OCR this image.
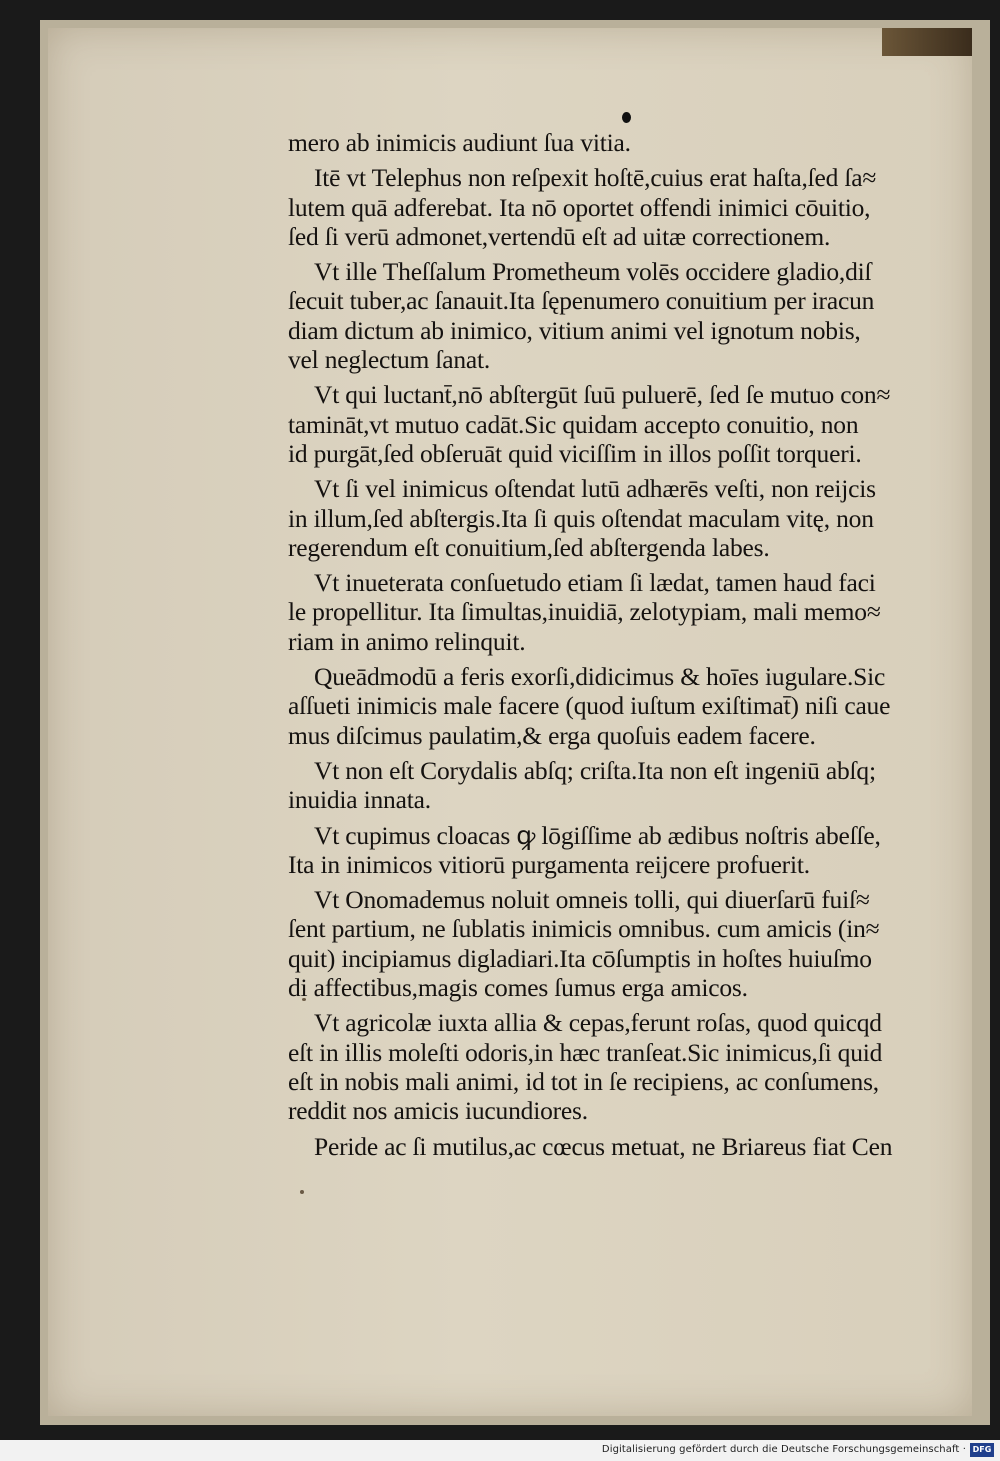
mero ab inimicis audiunt ſua vitia.
Itē vt Telephus non reſpexit hoſtē,cuius erat haſta,ſed ſa≈
lutem quā adferebat. Ita nō oportet offendi inimici cōuitio,
ſed ſi verū admonet,vertendū eſt ad uitæ correctionem.
Vt ille Theſſalum Prometheum volēs occidere gladio,diſ
ſecuit tuber,ac ſanauit.Ita ſępenumero conuitium per iracun
diam dictum ab inimico, vitium animi vel ignotum nobis,
vel neglectum ſanat.
Vt qui luctant̄,nō abſtergūt ſuū puluerē, ſed ſe mutuo con≈
tamināt,vt mutuo cadāt.Sic quidam accepto conuitio, non
id purgāt,ſed obſeruāt quid viciſſim in illos poſſit torqueri.
Vt ſi vel inimicus oſtendat lutū adhærēs veſti, non reijcis
in illum,ſed abſtergis.Ita ſi quis oſtendat maculam vitę, non
regerendum eſt conuitium,ſed abſtergenda labes.
Vt inueterata conſuetudo etiam ſi lædat, tamen haud faci
le propellitur. Ita ſimultas,inuidiā, zelotypiam, mali memo≈
riam in animo relinquit.
Queādmodū a feris exorſi,didicimus & hoīes iugulare.Sic
aſſueti inimicis male facere (quod iuſtum exiſtimat̄) niſi caue
mus diſcimus paulatim,& erga quoſuis eadem facere.
Vt non eſt Corydalis abſq; criſta.Ita non eſt ingeniū abſq;
inuidia innata.
Vt cupimus cloacas ꝙ lōgiſſime ab ædibus noſtris abeſſe,
Ita in inimicos vitiorū purgamenta reijcere profuerit.
Vt Onomademus noluit omneis tolli, qui diuerſarū fuiſ≈
ſent partium, ne ſublatis inimicis omnibus. cum amicis (in≈
quit) incipiamus digladiari.Ita cōſumptis in hoſtes huiuſmo
di affectibus,magis comes ſumus erga amicos.
Vt agricolæ iuxta allia & cepas,ferunt roſas, quod quicqd
eſt in illis moleſti odoris,in hæc tranſeat.Sic inimicus,ſi quid
eſt in nobis mali animi, id tot in ſe recipiens, ac conſumens,
reddit nos amicis iucundiores.
Peride ac ſi mutilus,ac cœcus metuat, ne Briareus fiat Cen
Digitalisierung gefördert durch die Deutsche Forschungsgemeinschaft · DFG
